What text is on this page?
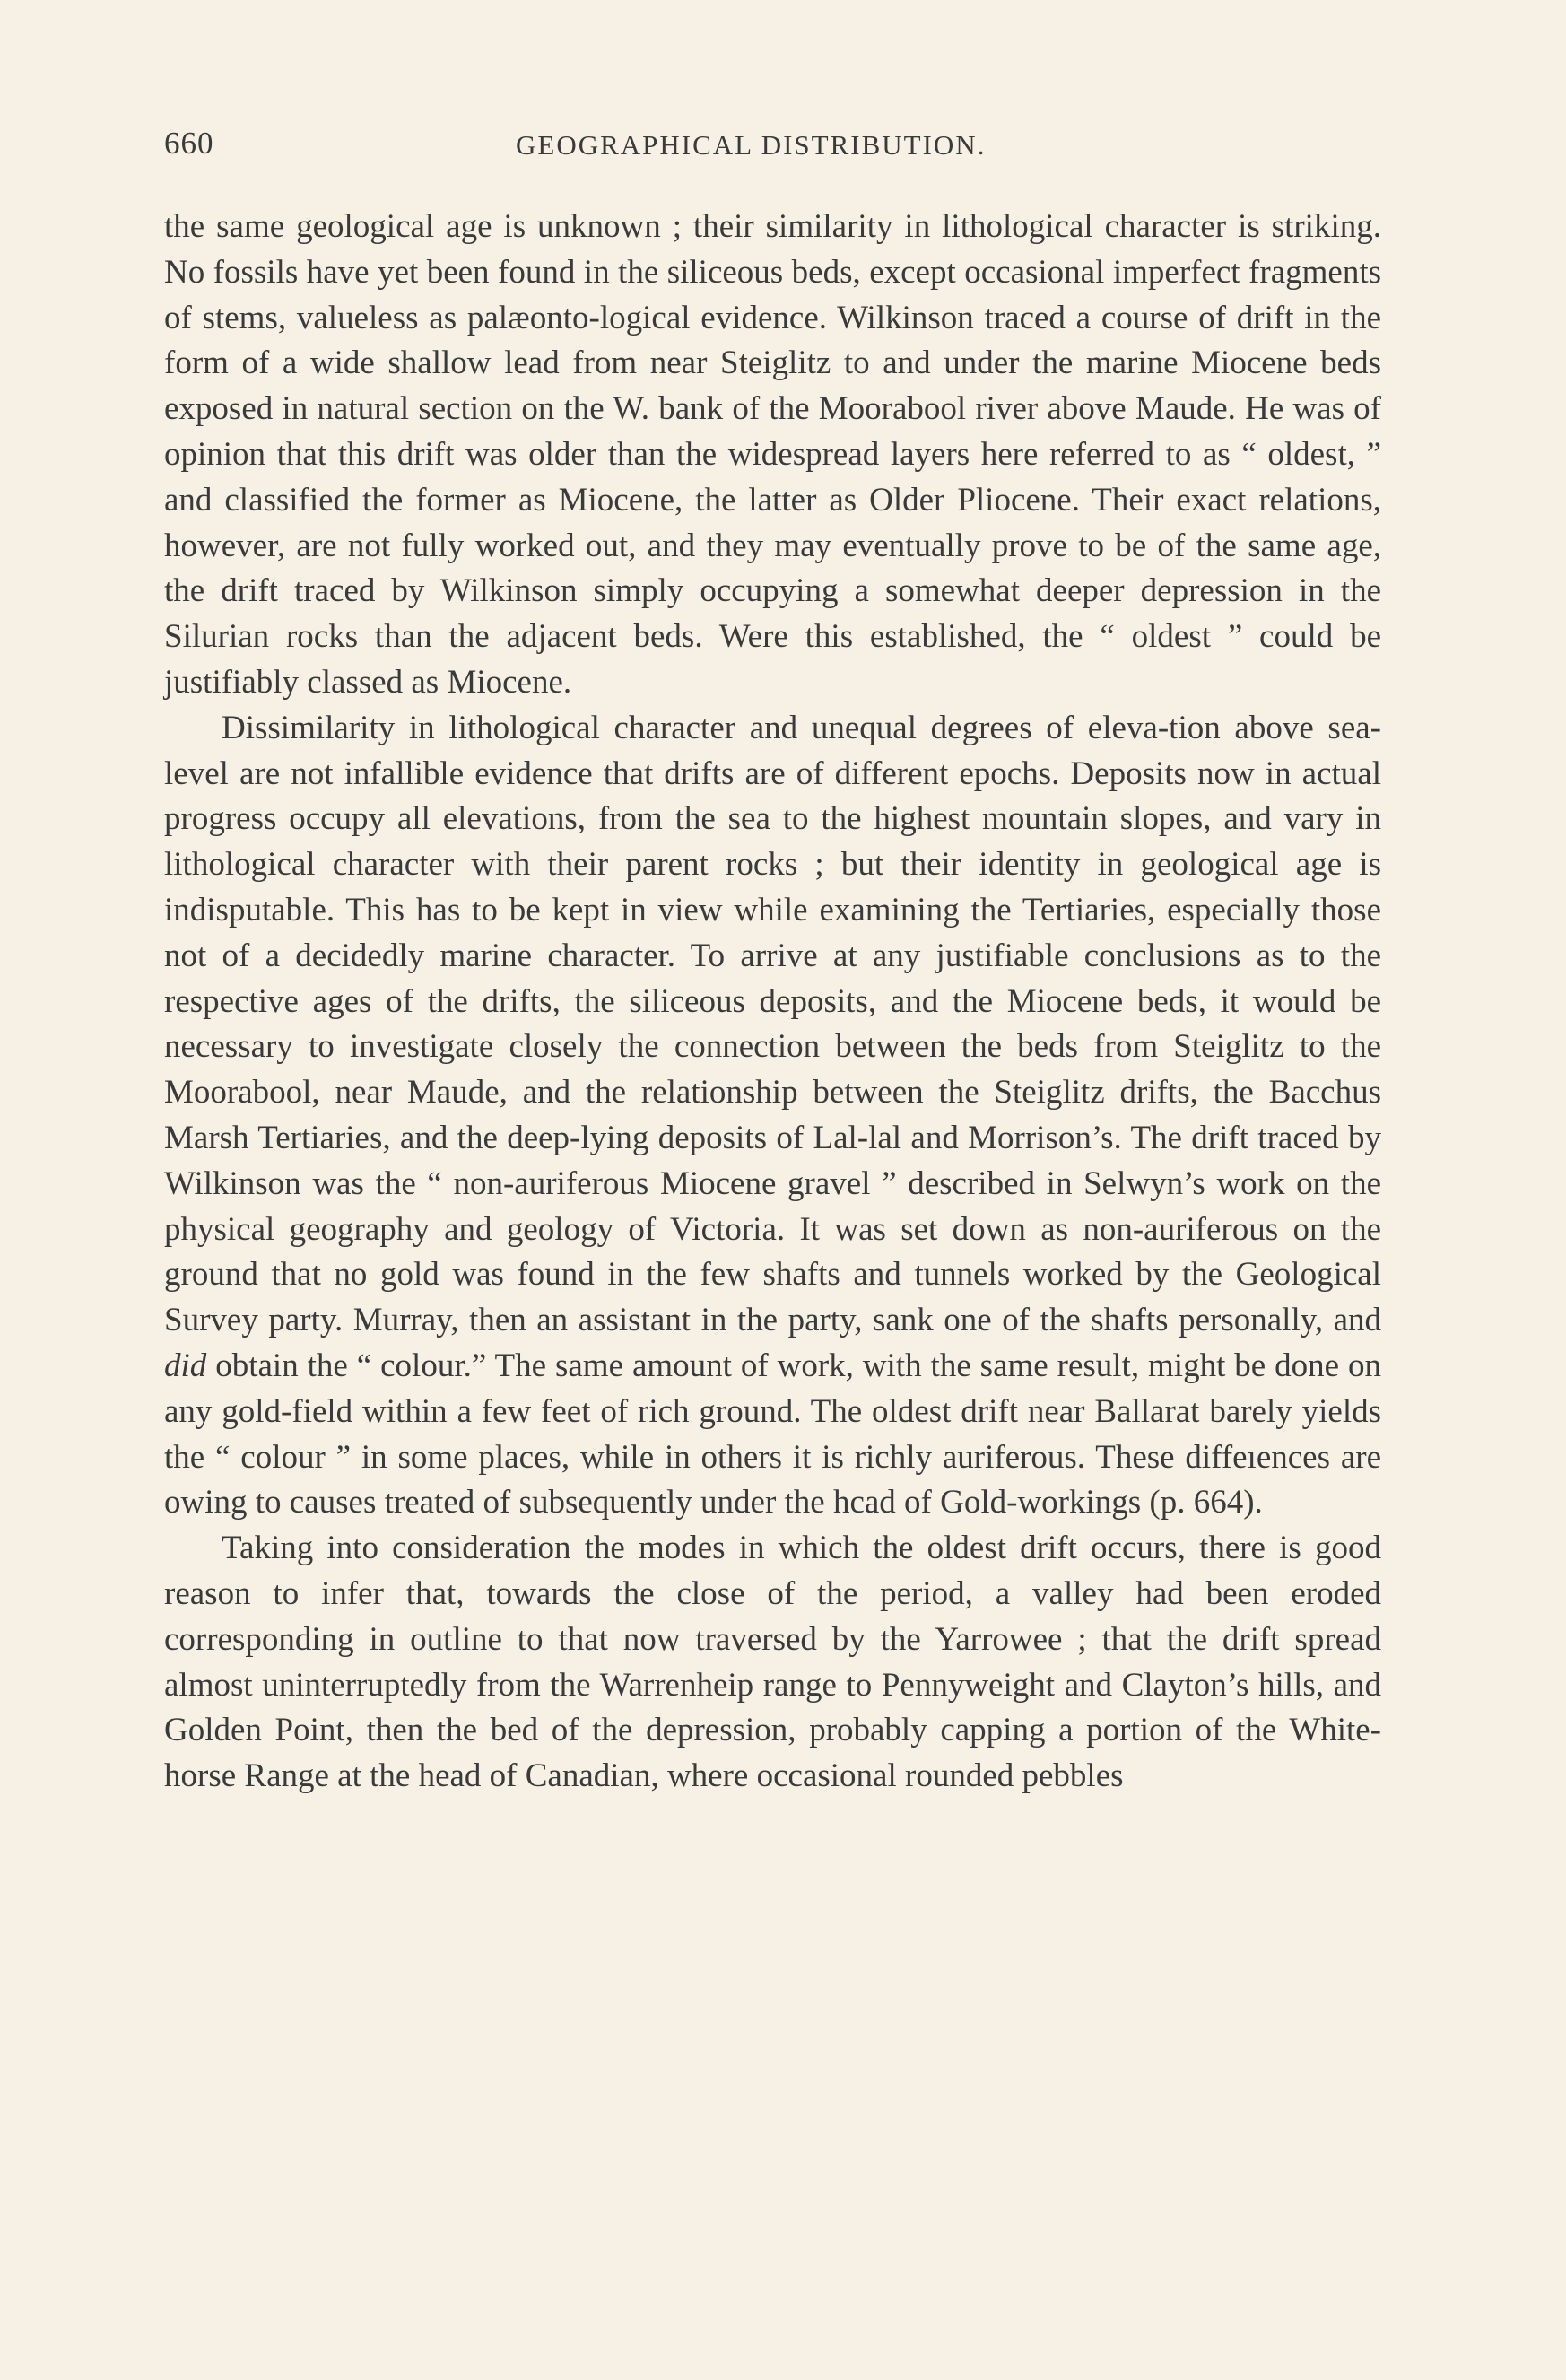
660	GEOGRAPHICAL DISTRIBUTION.

the same geological age is unknown ; their similarity in lithological character is striking. No fossils have yet been found in the siliceous beds, except occasional imperfect fragments of stems, valueless as palæonto-logical evidence. Wilkinson traced a course of drift in the form of a wide shallow lead from near Steiglitz to and under the marine Miocene beds exposed in natural section on the W. bank of the Moorabool river above Maude. He was of opinion that this drift was older than the widespread layers here referred to as “ oldest, ” and classified the former as Miocene, the latter as Older Pliocene. Their exact relations, however, are not fully worked out, and they may eventually prove to be of the same age, the drift traced by Wilkinson simply occupying a somewhat deeper depression in the Silurian rocks than the adjacent beds. Were this established, the “ oldest ” could be justifiably classed as Miocene.

Dissimilarity in lithological character and unequal degrees of eleva-tion above sea-level are not infallible evidence that drifts are of different epochs. Deposits now in actual progress occupy all elevations, from the sea to the highest mountain slopes, and vary in lithological character with their parent rocks ; but their identity in geological age is indisputable. This has to be kept in view while examining the Tertiaries, especially those not of a decidedly marine character. To arrive at any justifiable conclusions as to the respective ages of the drifts, the siliceous deposits, and the Miocene beds, it would be necessary to investigate closely the connection between the beds from Steiglitz to the Moorabool, near Maude, and the relationship between the Steiglitz drifts, the Bacchus Marsh Tertiaries, and the deep-lying deposits of Lal-lal and Morrison’s. The drift traced by Wilkinson was the “ non-auriferous Miocene gravel ” described in Selwyn’s work on the physical geography and geology of Victoria. It was set down as non-auriferous on the ground that no gold was found in the few shafts and tunnels worked by the Geological Survey party. Murray, then an assistant in the party, sank one of the shafts personally, and did obtain the “ colour.” The same amount of work, with the same result, might be done on any gold-field within a few feet of rich ground. The oldest drift near Ballarat barely yields the “ colour ” in some places, while in others it is richly auriferous. These diffeıences are owing to causes treated of subsequently under the hcad of Gold-workings (p. 664).

Taking into consideration the modes in which the oldest drift occurs, there is good reason to infer that, towards the close of the period, a valley had been eroded corresponding in outline to that now traversed by the Yarrowee ; that the drift spread almost uninterruptedly from the Warrenheip range to Pennyweight and Clayton’s hills, and Golden Point, then the bed of the depression, probably capping a portion of the White-horse Range at the head of Canadian, where occasional rounded pebbles
